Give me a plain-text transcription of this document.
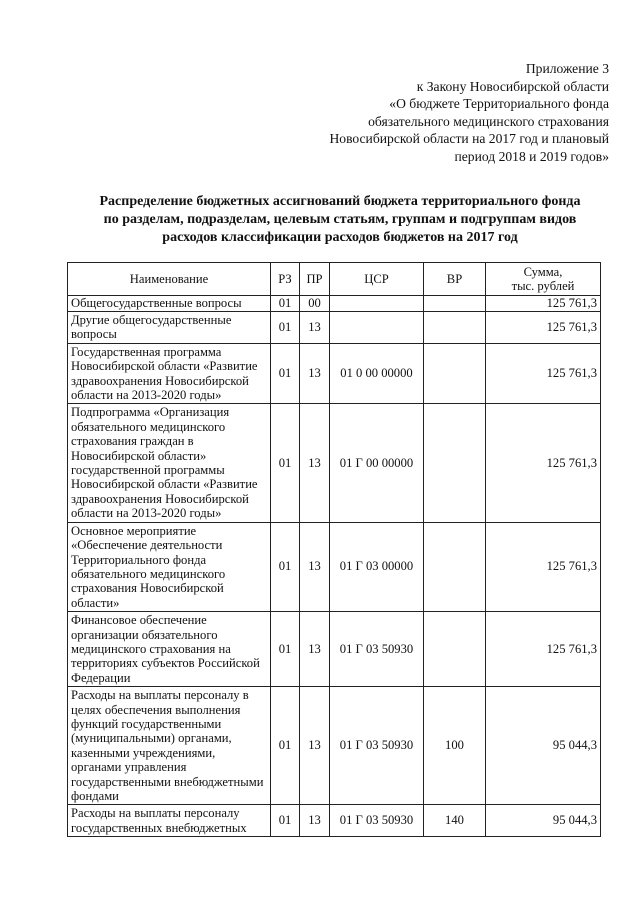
Приложение 3
к Закону Новосибирской области
«О бюджете Территориального фонда
обязательного медицинского страхования
Новосибирской области на 2017 год и плановый
период 2018 и 2019 годов»
Распределение бюджетных ассигнований бюджета территориального фонда
по разделам, подразделам, целевым статьям, группам и подгруппам видов
расходов классификации расходов бюджетов на 2017 год
Наименование	РЗ	ПР	ЦСР	ВР	Сумма,
тыс. рублей

Общегосударственные вопросы	01	00			125 761,3
Другие общегосударственные вопросы	01	13			125 761,3
Государственная программа Новосибирской области «Развитие здравоохранения Новосибирской области на 2013-2020 годы»	01	13	01 0 00 00000		125 761,3
Подпрограмма «Организация обязательного медицинского страхования граждан в Новосибирской области» государственной программы Новосибирской области «Развитие здравоохранения Новосибирской области на 2013-2020 годы»	01	13	01 Г 00 00000		125 761,3
Основное мероприятие «Обеспечение деятельности Территориального фонда обязательного медицинского страхования Новосибирской области»	01	13	01 Г 03 00000		125 761,3
Финансовое обеспечение организации обязательного медицинского страхования на территориях субъектов Российской Федерации	01	13	01 Г 03 50930		125 761,3
Расходы на выплаты персоналу в целях обеспечения выполнения функций государственными (муниципальными) органами, казенными учреждениями, органами управления государственными внебюджетными фондами	01	13	01 Г 03 50930	100	95 044,3
Расходы на выплаты персоналу государственных внебюджетных	01	13	01 Г 03 50930	140	95 044,3
